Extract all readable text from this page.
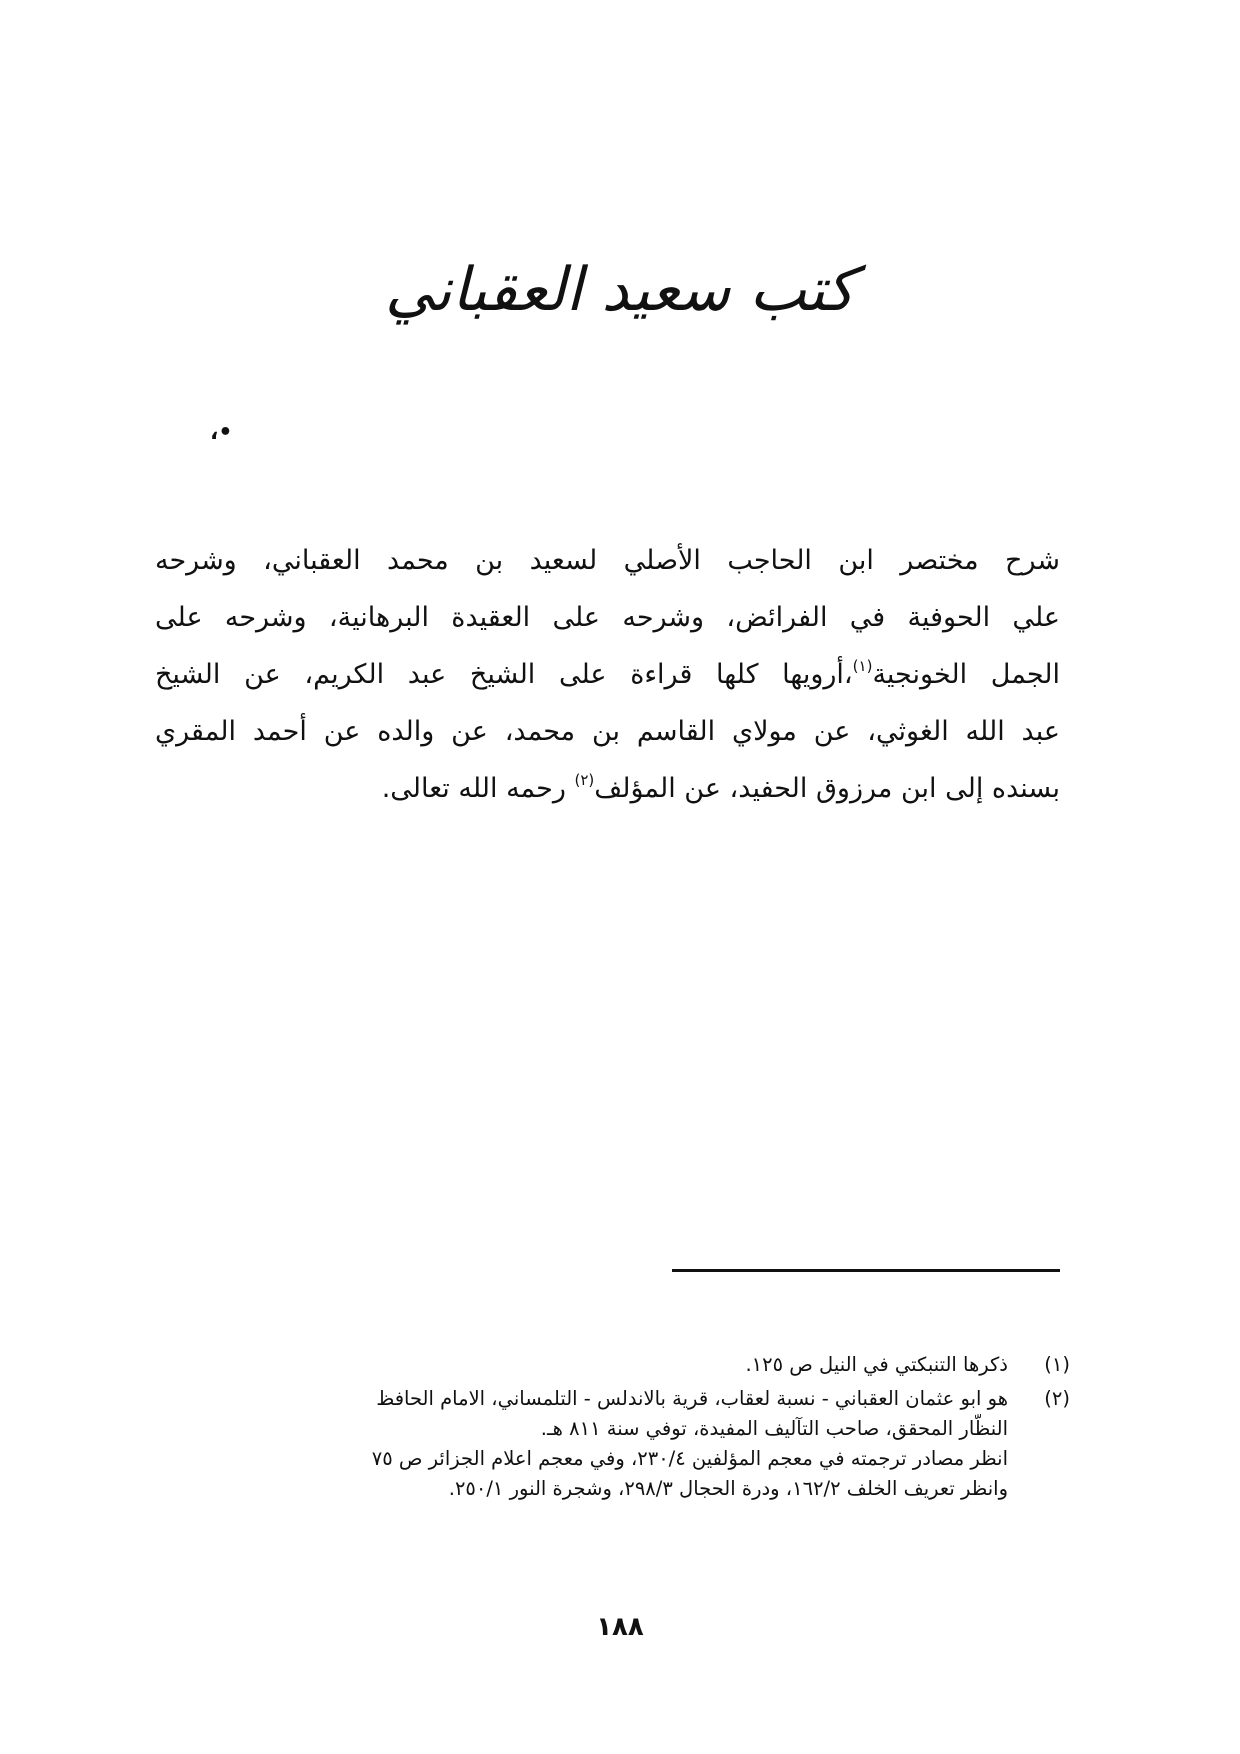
كتب سعيد العقباني
•،
شرح مختصر ابن الحاجب الأصلي لسعيد بن محمد العقباني، وشرحه
علي الحوفية في الفرائض، وشرحه على العقيدة البرهانية، وشرحه على
الجمل الخونجية$^{(١)}$،أرويها كلها قراءة على الشيخ عبد الكريم، عن الشيخ
عبد الله الغوثي، عن مولاي القاسم بن محمد، عن والده عن أحمد المقري
بسنده إلى ابن مرزوق الحفيد، عن المؤلف$^{(٢)}$ رحمه الله تعالى.
(١)
ذكرها التنبكتي في النيل ص ١٢٥.
(٢)
هو ابو عثمان العقباني - نسبة لعقاب، قرية بالاندلس - التلمساني، الامام الحافظ
النظّار المحقق، صاحب التآليف المفيدة، توفي سنة ٨١١ هـ.
انظر مصادر ترجمته في معجم المؤلفين ٢٣٠/٤، وفي معجم اعلام الجزائر ص ٧٥
وانظر تعريف الخلف ١٦٢/٢، ودرة الحجال ٢٩٨/٣، وشجرة النور ٢٥٠/١.
١٨٨
